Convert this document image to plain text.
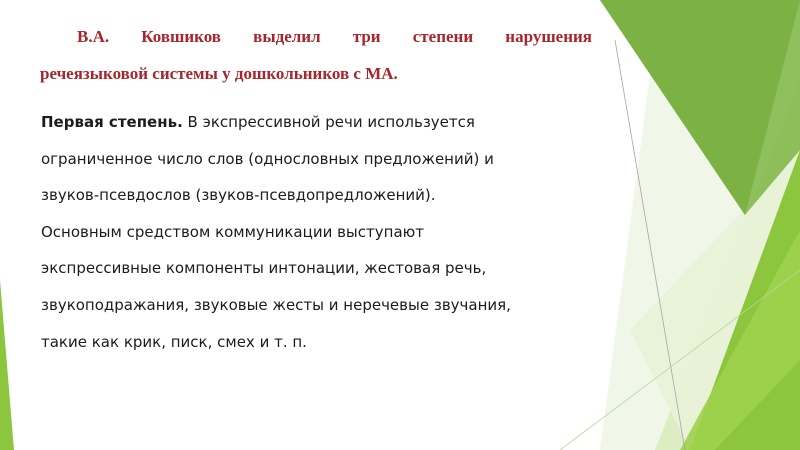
В.А. Ковшиков выделил три степени нарушения
речеязыковой системы у дошкольников с МА.
Первая степень. В экспрессивной речи используется
ограниченное число слов (однословных предложений) и
звуков-псевдослов (звуков-псевдопредложений).
Основным средством коммуникации выступают
экспрессивные компоненты интонации, жестовая речь,
звукоподражания, звуковые жесты и неречевые звучания,
такие как крик, писк, смех и т. п.
